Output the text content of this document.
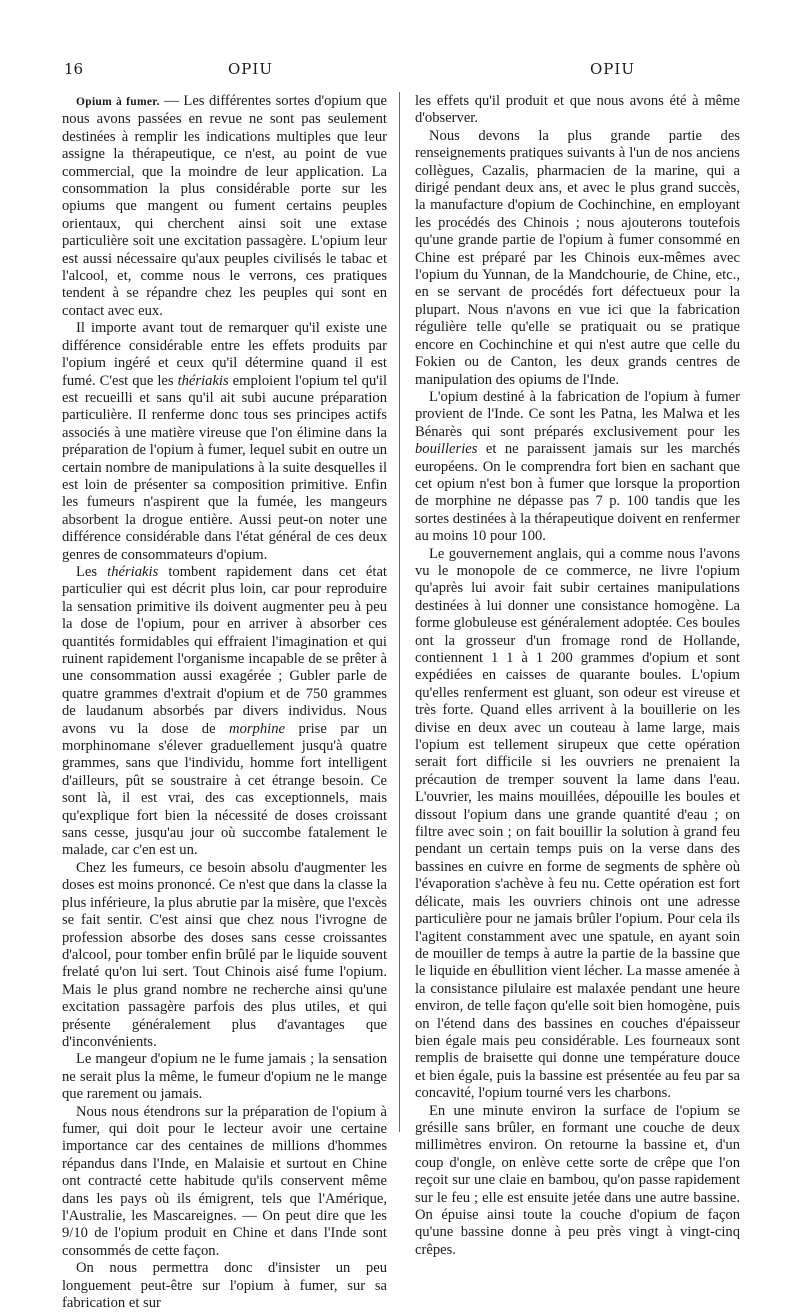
16	OPIU	OPIU

Opium à fumer. — Les différentes sortes d'opium que nous avons passées en revue ne sont pas seulement destinées à remplir les indications multiples que leur assigne la thérapeutique, ce n'est, au point de vue commercial, que la moindre de leur application. La consommation la plus considérable porte sur les opiums que mangent ou fument certains peuples orientaux, qui cherchent ainsi soit une extase particulière soit une excitation passagère. L'opium leur est aussi nécessaire qu'aux peuples civilisés le tabac et l'alcool, et, comme nous le verrons, ces pratiques tendent à se répandre chez les peuples qui sont en contact avec eux.

Il importe avant tout de remarquer qu'il existe une différence considérable entre les effets produits par l'opium ingéré et ceux qu'il détermine quand il est fumé. C'est que les thériakis emploient l'opium tel qu'il est recueilli et sans qu'il ait subi aucune préparation particulière. Il renferme donc tous ses principes actifs associés à une matière vireuse que l'on élimine dans la préparation de l'opium à fumer, lequel subit en outre un certain nombre de manipulations à la suite desquelles il est loin de présenter sa composition primitive. Enfin les fumeurs n'aspirent que la fumée, les mangeurs absorbent la drogue entière. Aussi peut-on noter une différence considérable dans l'état général de ces deux genres de consommateurs d'opium.

Les thériakis tombent rapidement dans cet état particulier qui est décrit plus loin, car pour reproduire la sensation primitive ils doivent augmenter peu à peu la dose de l'opium, pour en arriver à absorber ces quantités formidables qui effraient l'imagination et qui ruinent rapidement l'organisme incapable de se prêter à une consommation aussi exagérée ; Gubler parle de quatre grammes d'extrait d'opium et de 750 grammes de laudanum absorbés par divers individus. Nous avons vu la dose de morphine prise par un morphinomane s'élever graduellement jusqu'à quatre grammes, sans que l'individu, homme fort intelligent d'ailleurs, pût se soustraire à cet étrange besoin. Ce sont là, il est vrai, des cas exceptionnels, mais qu'explique fort bien la nécessité de doses croissant sans cesse, jusqu'au jour où succombe fatalement le malade, car c'en est un.

Chez les fumeurs, ce besoin absolu d'augmenter les doses est moins prononcé. Ce n'est que dans la classe la plus inférieure, la plus abrutie par la misère, que l'excès se fait sentir. C'est ainsi que chez nous l'ivrogne de profession absorbe des doses sans cesse croissantes d'alcool, pour tomber enfin brûlé par le liquide souvent frelaté qu'on lui sert. Tout Chinois aisé fume l'opium. Mais le plus grand nombre ne recherche ainsi qu'une excitation passagère parfois des plus utiles, et qui présente généralement plus d'avantages que d'inconvénients.

Le mangeur d'opium ne le fume jamais ; la sensation ne serait plus la même, le fumeur d'opium ne le mange que rarement ou jamais.

Nous nous étendrons sur la préparation de l'opium à fumer, qui doit pour le lecteur avoir une certaine importance car des centaines de millions d'hommes répandus dans l'Inde, en Malaisie et surtout en Chine ont contracté cette habitude qu'ils conservent même dans les pays où ils émigrent, tels que l'Amérique, l'Australie, les Mascareignes. — On peut dire que les 9/10 de l'opium produit en Chine et dans l'Inde sont consommés de cette façon.

On nous permettra donc d'insister un peu longuement peut-être sur l'opium à fumer, sur sa fabrication et sur

les effets qu'il produit et que nous avons été à même d'observer.

Nous devons la plus grande partie des renseignements pratiques suivants à l'un de nos anciens collègues, Cazalis, pharmacien de la marine, qui a dirigé pendant deux ans, et avec le plus grand succès, la manufacture d'opium de Cochinchine, en employant les procédés des Chinois ; nous ajouterons toutefois qu'une grande partie de l'opium à fumer consommé en Chine est préparé par les Chinois eux-mêmes avec l'opium du Yunnan, de la Mandchourie, de Chine, etc., en se servant de procédés fort défectueux pour la plupart. Nous n'avons en vue ici que la fabrication régulière telle qu'elle se pratiquait ou se pratique encore en Cochinchine et qui n'est autre que celle du Fokien ou de Canton, les deux grands centres de manipulation des opiums de l'Inde.

L'opium destiné à la fabrication de l'opium à fumer provient de l'Inde. Ce sont les Patna, les Malwa et les Bénarès qui sont préparés exclusivement pour les bouilleries et ne paraissent jamais sur les marchés européens. On le comprendra fort bien en sachant que cet opium n'est bon à fumer que lorsque la proportion de morphine ne dépasse pas 7 p. 100 tandis que les sortes destinées à la thérapeutique doivent en renfermer au moins 10 pour 100.

Le gouvernement anglais, qui a comme nous l'avons vu le monopole de ce commerce, ne livre l'opium qu'après lui avoir fait subir certaines manipulations destinées à lui donner une consistance homogène. La forme globuleuse est généralement adoptée. Ces boules ont la grosseur d'un fromage rond de Hollande, contiennent 1 1 à 1 200 grammes d'opium et sont expédiées en caisses de quarante boules. L'opium qu'elles renferment est gluant, son odeur est vireuse et très forte. Quand elles arrivent à la bouillerie on les divise en deux avec un couteau à lame large, mais l'opium est tellement sirupeux que cette opération serait fort difficile si les ouvriers ne prenaient la précaution de tremper souvent la lame dans l'eau. L'ouvrier, les mains mouillées, dépouille les boules et dissout l'opium dans une grande quantité d'eau ; on filtre avec soin ; on fait bouillir la solution à grand feu pendant un certain temps puis on la verse dans des bassines en cuivre en forme de segments de sphère où l'évaporation s'achève à feu nu. Cette opération est fort délicate, mais les ouvriers chinois ont une adresse particulière pour ne jamais brûler l'opium. Pour cela ils l'agitent constamment avec une spatule, en ayant soin de mouiller de temps à autre la partie de la bassine que le liquide en ébullition vient lécher. La masse amenée à la consistance pilulaire est malaxée pendant une heure environ, de telle façon qu'elle soit bien homogène, puis on l'étend dans des bassines en couches d'épaisseur bien égale mais peu considérable. Les fourneaux sont remplis de braisette qui donne une température douce et bien égale, puis la bassine est présentée au feu par sa concavité, l'opium tourné vers les charbons.

En une minute environ la surface de l'opium se grésille sans brûler, en formant une couche de deux millimètres environ. On retourne la bassine et, d'un coup d'ongle, on enlève cette sorte de crêpe que l'on reçoit sur une claie en bambou, qu'on passe rapidement sur le feu ; elle est ensuite jetée dans une autre bassine. On épuise ainsi toute la couche d'opium de façon qu'une bassine donne à peu près vingt à vingt-cinq crêpes.
